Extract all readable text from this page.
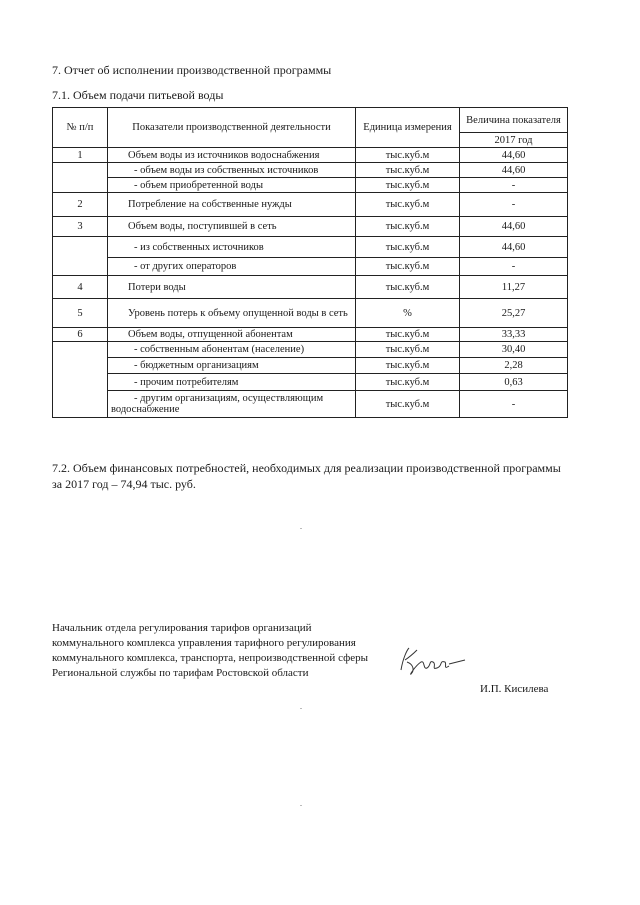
7. Отчет об исполнении производственной программы
7.1. Объем подачи питьевой воды
№ п/п	Показатели производственной деятельности	Единица измерения	Величина показателя
			2017 год
1	Объем воды из источников водоснабжения	тыс.куб.м	44,60
	- объем воды из собственных источников	тыс.куб.м	44,60
	- объем приобретенной воды	тыс.куб.м	-
2	Потребление на собственные нужды	тыс.куб.м	-
3	Объем воды, поступившей в сеть	тыс.куб.м	44,60
	- из собственных источников	тыс.куб.м	44,60
	- от других операторов	тыс.куб.м	-
4	Потери воды	тыс.куб.м	11,27
5	Уровень потерь к объему опущенной воды в сеть	%	25,27
6	Объем воды, отпущенной абонентам	тыс.куб.м	33,33
	- собственным абонентам (население)	тыс.куб.м	30,40
	- бюджетным организациям	тыс.куб.м	2,28
	- прочим потребителям	тыс.куб.м	0,63
	- другим организациям, осуществляющим водоснабжение	тыс.куб.м	-
7.2. Объем финансовых потребностей, необходимых для реализации производственной программы за 2017 год – 74,94 тыс. руб.
Начальник отдела регулирования тарифов организаций коммунального комплекса управления тарифного регулирования коммунального комплекса, транспорта, непроизводственной сферы Региональной службы по тарифам Ростовской области
И.П. Кисилева
